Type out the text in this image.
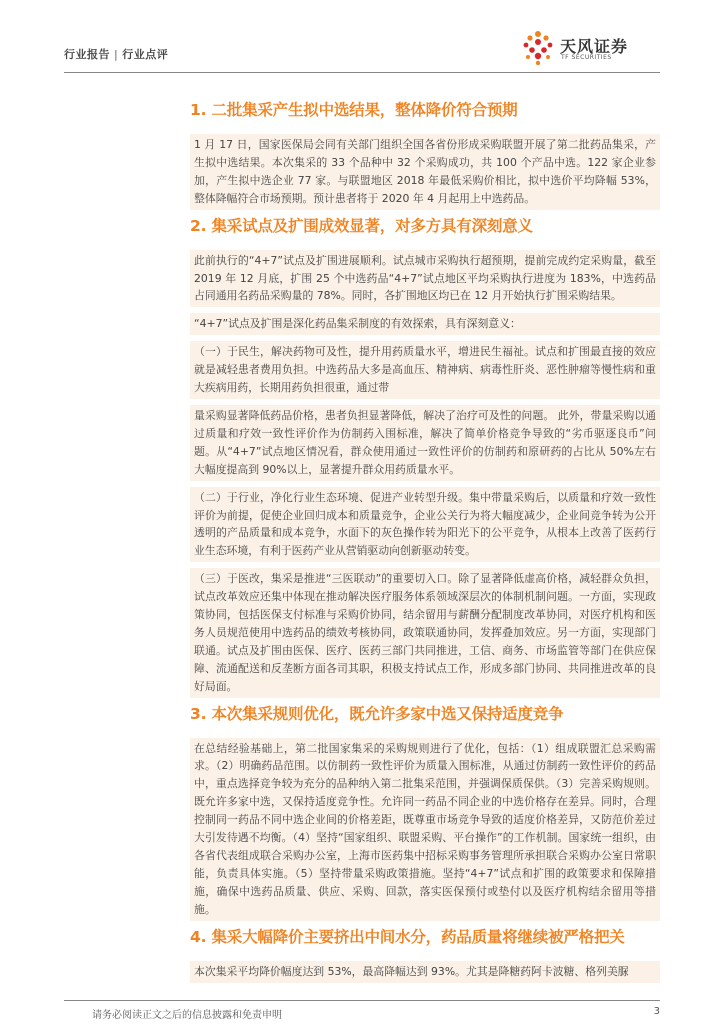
行业报告 | 行业点评	天风证券
TF SECURITIES
1. 二批集采产生拟中选结果，整体降价符合预期

1 月 17 日，国家医保局会同有关部门组织全国各省份形成采购联盟开展了第二批药品集采，产生拟中选结果。本次集采的 33 个品种中 32 个采购成功，共 100 个产品中选。122 家企业参加，产生拟中选企业 77 家。与联盟地区 2018 年最低采购价相比，拟中选价平均降幅 53%，整体降幅符合市场预期。预计患者将于 2020 年 4 月起用上中选药品。

2. 集采试点及扩围成效显著，对多方具有深刻意义

此前执行的“4+7”试点及扩围进展顺利。试点城市采购执行超预期，提前完成约定采购量，截至 2019 年 12 月底，扩围 25 个中选药品“4+7”试点地区平均采购执行进度为 183%，中选药品占同通用名药品采购量的 78%。同时，各扩围地区均已在 12 月开始执行扩围采购结果。

“4+7”试点及扩围是深化药品集采制度的有效探索，具有深刻意义：

（一）于民生，解决药物可及性，提升用药质量水平，增进民生福祉。试点和扩围最直接的效应就是减轻患者费用负担。中选药品大多是高血压、精神病、病毒性肝炎、恶性肿瘤等慢性病和重大疾病用药，长期用药负担很重，通过带

量采购显著降低药品价格，患者负担显著降低，解决了治疗可及性的问题。 此外，带量采购以通过质量和疗效一致性评价作为仿制药入围标准，解决了简单价格竞争导致的“劣币驱逐良币”问题。从“4+7”试点地区情况看，群众使用通过一致性评价的仿制药和原研药的占比从 50%左右大幅度提高到 90%以上，显著提升群众用药质量水平。

（二）于行业，净化行业生态环境、促进产业转型升级。集中带量采购后，以质量和疗效一致性评价为前提，促使企业回归成本和质量竞争，企业公关行为将大幅度减少，企业间竞争转为公开透明的产品质量和成本竞争，水面下的灰色操作转为阳光下的公平竞争，从根本上改善了医药行业生态环境，有利于医药产业从营销驱动向创新驱动转变。

（三）于医改，集采是推进“三医联动”的重要切入口。除了显著降低虚高价格，减轻群众负担，试点改革效应还集中体现在推动解决医疗服务体系领域深层次的体制机制问题。一方面，实现政策协同，包括医保支付标准与采购价协同，结余留用与薪酬分配制度改革协同，对医疗机构和医务人员规范使用中选药品的绩效考核协同，政策联通协同，发挥叠加效应。另一方面，实现部门联通。试点及扩围由医保、医疗、医药三部门共同推进，工信、商务、市场监管等部门在供应保障、流通配送和反垄断方面各司其职，积极支持试点工作，形成多部门协同、共同推进改革的良好局面。

3. 本次集采规则优化，既允许多家中选又保持适度竞争

在总结经验基础上，第二批国家集采的采购规则进行了优化，包括：（1）组成联盟汇总采购需求。（2）明确药品范围。以仿制药一致性评价为质量入围标准，从通过仿制药一致性评价的药品中，重点选择竞争较为充分的品种纳入第二批集采范围，并强调保质保供。（3）完善采购规则。既允许多家中选，又保持适度竞争性。允许同一药品不同企业的中选价格存在差异。同时，合理控制同一药品不同中选企业间的价格差距，既尊重市场竞争导致的适度价格差异，又防范价差过大引发待遇不均衡。（4）坚持“国家组织、联盟采购、平台操作”的工作机制。国家统一组织，由各省代表组成联合采购办公室，上海市医药集中招标采购事务管理所承担联合采购办公室日常职能，负责具体实施。（5）坚持带量采购政策措施。坚持“4+7”试点和扩围的政策要求和保障措施，确保中选药品质量、供应、采购、回款，落实医保预付或垫付以及医疗机构结余留用等措施。

4. 集采大幅降价主要挤出中间水分，药品质量将继续被严格把关

本次集采平均降价幅度达到 53%，最高降幅达到 93%。尤其是降糖药阿卡波糖、格列美脲

请务必阅读正文之后的信息披露和免责申明	3
